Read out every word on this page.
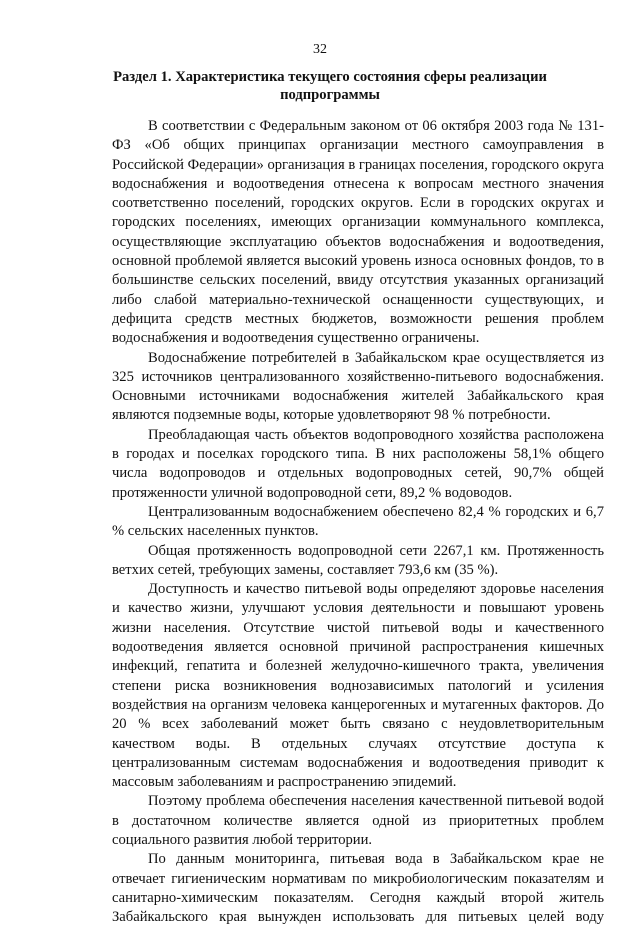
32
Раздел 1. Характеристика текущего состояния сферы реализации подпрограммы

В соответствии с Федеральным законом от 06 октября 2003 года № 131-ФЗ «Об общих принципах организации местного самоуправления в Российской Федерации» организация в границах поселения, городского округа водоснабжения и водоотведения отнесена к вопросам местного значения соответственно поселений, городских округов. Если в городских округах и городских поселениях, имеющих организации коммунального комплекса, осуществляющие эксплуатацию объектов водоснабжения и водоотведения, основной проблемой является высокий уровень износа основных фондов, то в большинстве сельских поселений, ввиду отсутствия указанных организаций либо слабой материально-технической оснащенности существующих, и дефицита средств местных бюджетов, возможности решения проблем водоснабжения и водоотведения существенно ограничены.

Водоснабжение потребителей в Забайкальском крае осуществляется из 325 источников централизованного хозяйственно-питьевого водоснабжения. Основными источниками водоснабжения жителей Забайкальского края являются подземные воды, которые удовлетворяют 98 % потребности.

Преобладающая часть объектов водопроводного хозяйства расположена в городах и поселках городского типа. В них расположены 58,1% общего числа водопроводов и отдельных водопроводных сетей, 90,7% общей протяженности уличной водопроводной сети, 89,2 % водоводов.

Централизованным водоснабжением обеспечено 82,4 % городских и 6,7 % сельских населенных пунктов.

Общая протяженность водопроводной сети 2267,1 км. Протяженность ветхих сетей, требующих замены, составляет 793,6 км (35 %).

Доступность и качество питьевой воды определяют здоровье населения и качество жизни, улучшают условия деятельности и повышают уровень жизни населения. Отсутствие чистой питьевой воды и качественного водоотведения является основной причиной распространения кишечных инфекций, гепатита и болезней желудочно-кишечного тракта, увеличения степени риска возникновения воднозависимых патологий и усиления воздействия на организм человека канцерогенных и мутагенных факторов. До 20 % всех заболеваний может быть связано с неудовлетворительным качеством воды. В отдельных случаях отсутствие доступа к централизованным системам водоснабжения и водоотведения приводит к массовым заболеваниям и распространению эпидемий.

Поэтому проблема обеспечения населения качественной питьевой водой в достаточном количестве является одной из приоритетных проблем социального развития любой территории.

По данным мониторинга, питьевая вода в Забайкальском крае не отвечает гигиеническим нормативам по микробиологическим показателям и санитарно-химическим показателям. Сегодня каждый второй житель Забайкальского края вынужден использовать для питьевых целей воду
